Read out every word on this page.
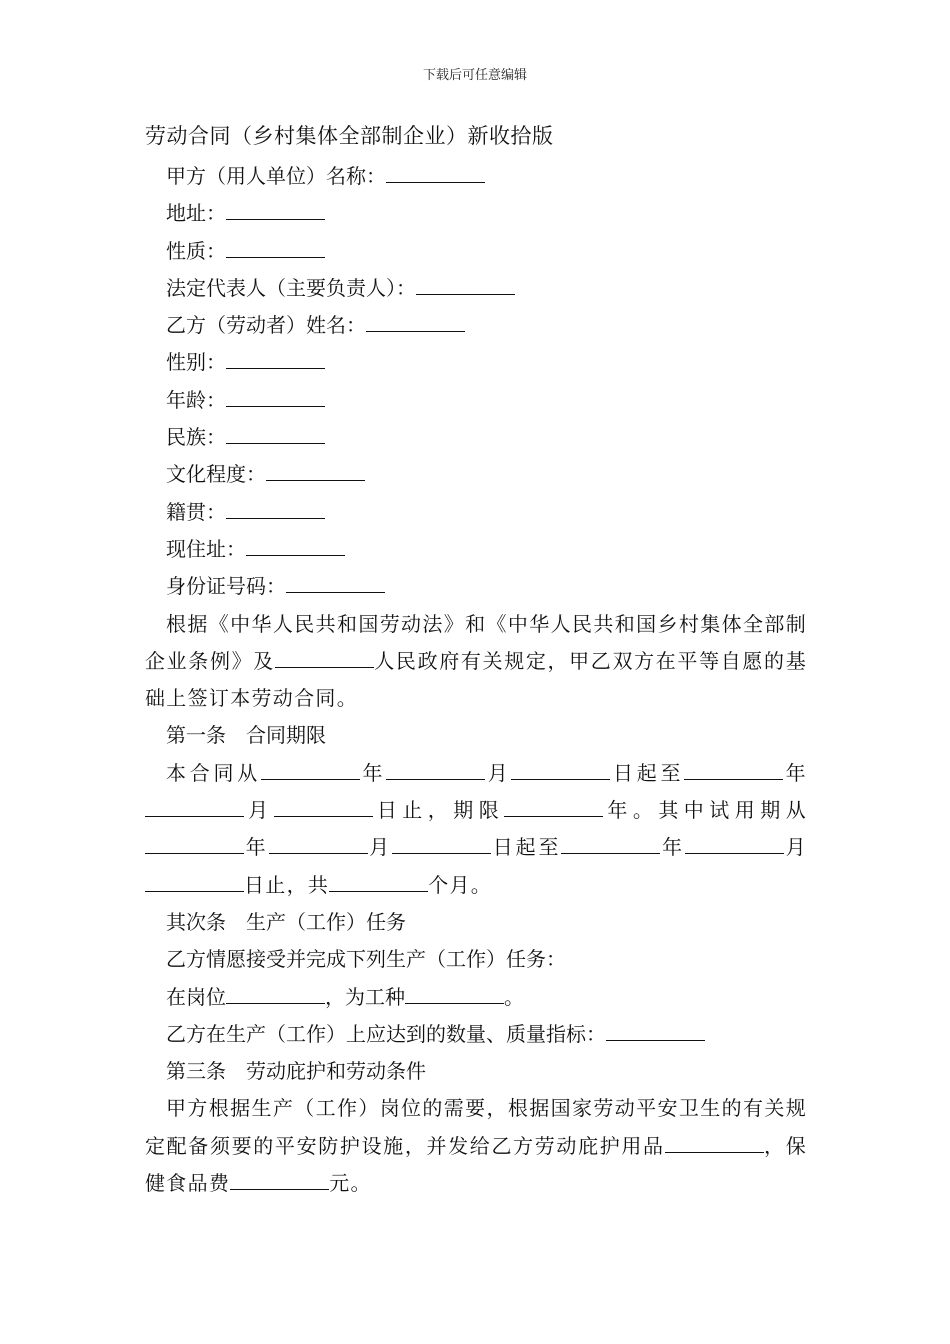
下载后可任意编辑
劳动合同（乡村集体全部制企业）新收拾版
甲方（用人单位）名称：
地址：
性质：
法定代表人（主要负责人）：
乙方（劳动者）姓名：
性别：
年龄：
民族：
文化程度：
籍贯：
现住址：
身份证号码：
根据《中华人民共和国劳动法》和《中华人民共和国乡村集体全部制企业条例》及	人民政府有关规定，甲乙双方在平等自愿的基础上签订本劳动合同。
第一条　合同期限
本合同从	年	月	日起至	年月	日止，期限	年。其中试用期从年	月	日起至	年	月日止，共	个月。
其次条　生产（工作）任务
乙方情愿接受并完成下列生产（工作）任务：
在岗位	，为工种	。
乙方在生产（工作）上应达到的数量、质量指标：
第三条　劳动庇护和劳动条件
甲方根据生产（工作）岗位的需要，根据国家劳动平安卫生的有关规定配备须要的平安防护设施，并发给乙方劳动庇护用品	，保健食品费	元。
